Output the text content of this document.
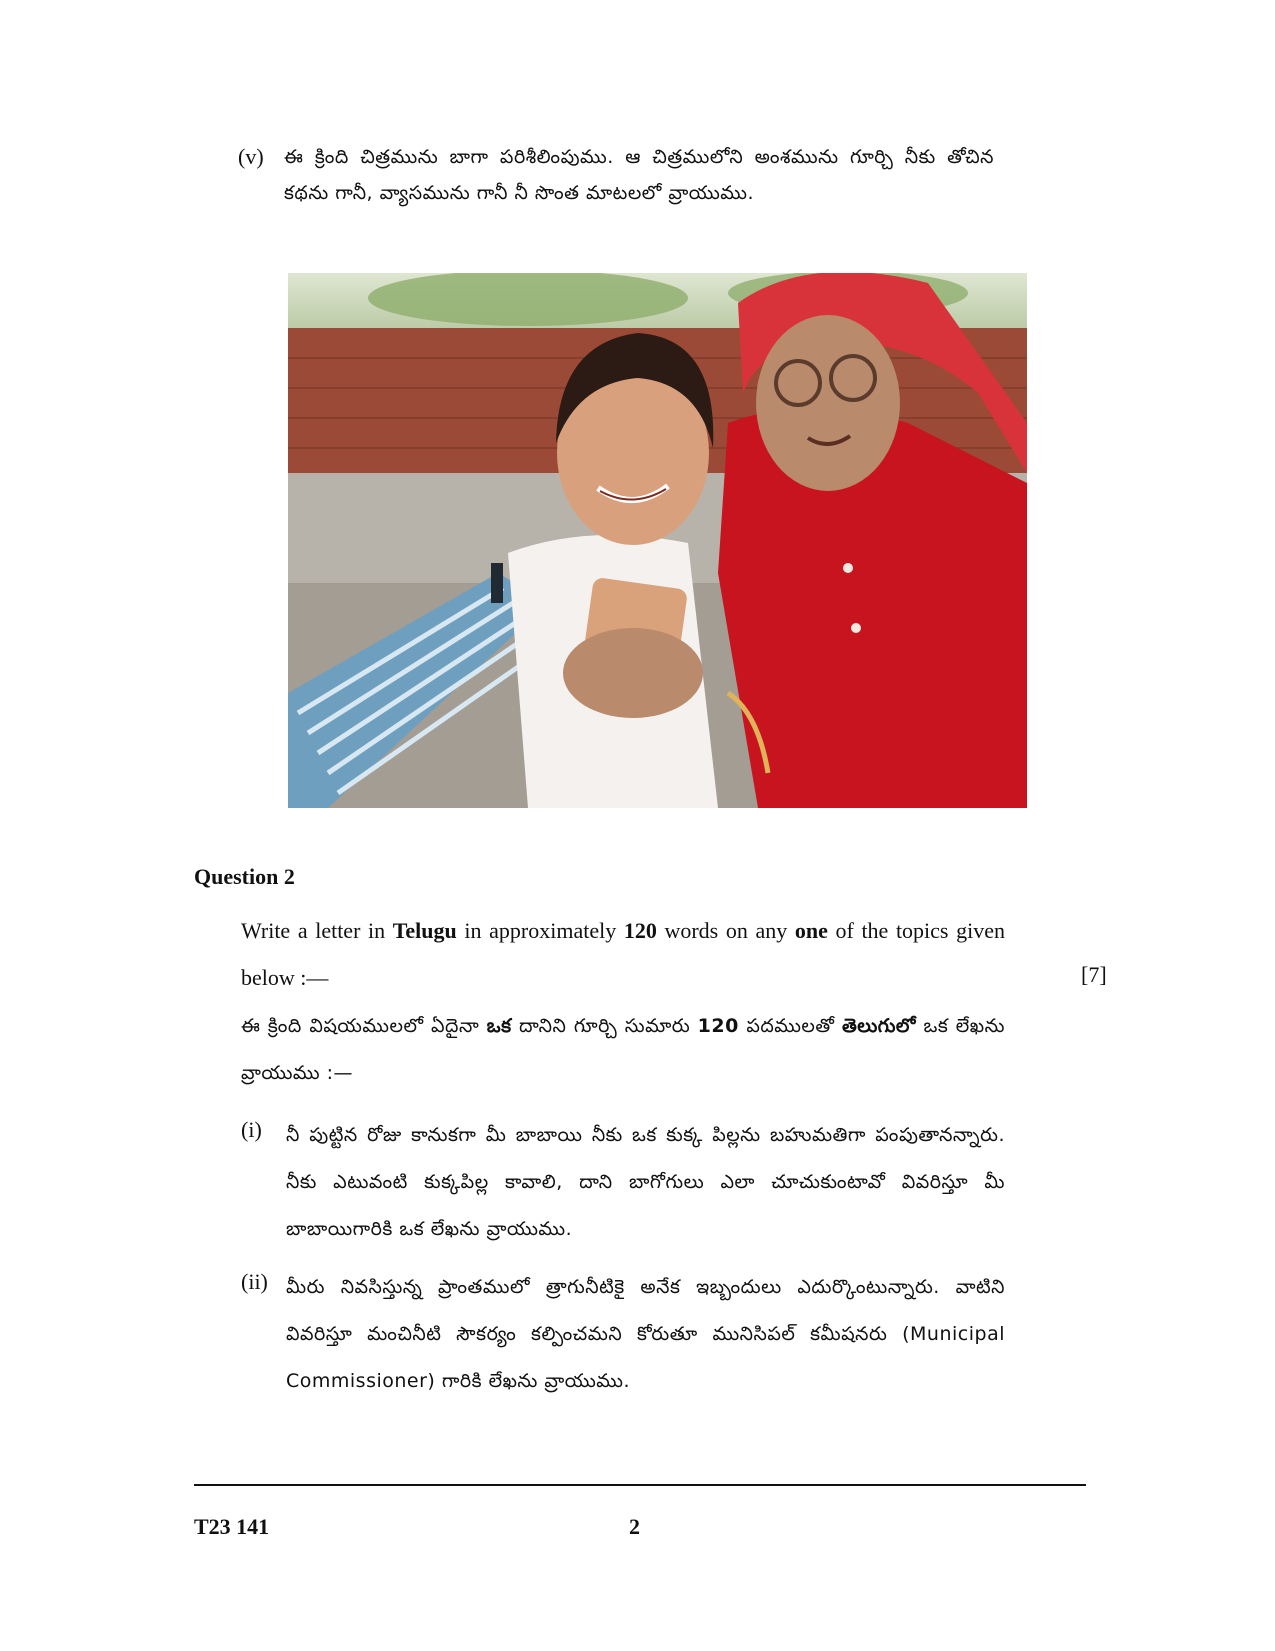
(v) ఈ క్రింది చిత్రమును బాగా పరిశీలింపుము. ఆ చిత్రములోని అంశమును గూర్చి నీకు తోచిన కథను గానీ, వ్యాసమును గానీ నీ సొంత మాటలలో వ్రాయుము.
Question 2
Write a letter in Telugu in approximately 120 words on any one of the topics given below :—	[7]
ఈ క్రింది విషయములలో ఏదైనా ఒక దానిని గూర్చి సుమారు 120 పదములతో తెలుగులో ఒక లేఖను వ్రాయుము :—
(i) నీ పుట్టిన రోజు కానుకగా మీ బాబాయి నీకు ఒక కుక్క పిల్లను బహుమతిగా పంపుతానన్నారు. నీకు ఎటువంటి కుక్కపిల్ల కావాలి, దాని బాగోగులు ఎలా చూచుకుంటావో వివరిస్తూ మీ బాబాయిగారికి ఒక లేఖను వ్రాయుము.
(ii) మీరు నివసిస్తున్న ప్రాంతములో త్రాగునీటికై అనేక ఇబ్బందులు ఎదుర్కొంటున్నారు. వాటిని వివరిస్తూ మంచినీటి సౌకర్యం కల్పించమని కోరుతూ మునిసిపల్ కమీషనరు (Municipal Commissioner) గారికి లేఖను వ్రాయుము.
T23 141	2
